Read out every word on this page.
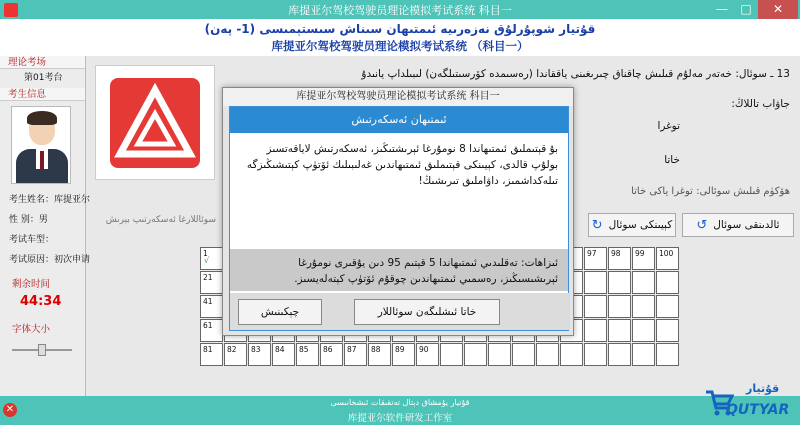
库提亚尔驾校驾驶员理论模拟考试系统 科目一	—	□	✕
قۇتيار شوپۇرلۇق نەزەرىيە ئىمتىھان سىناش سىستېمىسى (1- پەن)
库提亚尔驾校驾驶员理论模拟考试系统 （科目一）
理论考场
第01考台
考生信息
考生姓名：库提亚尔
性 别：男
考试车型：
考试原因：初次申请
剩余时间
44:34
字体大小
13 ـ سوئال: خەتەر مەلۇم قىلىش چاقناق چىرىغىنى ياققاندا (رەسىمدە كۆرسىتىلگەن) لىبىلداپ يانىدۇ
جاۋاب تاللاڭ:
توغرا
خاتا
ھۆكۈم قىلىش سوئالى: توغرا ياكى خاتا
سوئاللارغا ئەسكەرتىپ بېرىش	↻ كېيىنكى سوئال ↺ ئالدىنقى سوئال
1
√
97	98	99	100
21
41
61
81	82	83	84	85	86	87	88	89	90
库提亚尔驾校驾驶员理论模拟考试系统 科目一
ئىمتىھان ئەسكەرتىش
بۇ قېتىملىق ئىمتىھاندا 8 نومۇرغا ئېرىشتىڭىز، ئەسكەرتىش لاياقەتسىز بولۇپ قالدى، كېيىنكى قېتىملىق ئىمتىھاندىن غەلىبىلىك ئۆتۈپ كېتىشىڭىزگە تىلەكداشمىز، داۋاملىق تىرىشىڭ!
ئىزاھات: تەقلىدىي ئىمتىھاندا 5 قېتىم 95 دىن يۇقىرى نومۇرغا ئېرىشىسىڭىز، رەسمىي ئىمتىھاندىن چوقۇم ئۆتۈپ كېتەلەيسىز.
خاتا ئىشلىگەن سوئاللار
چېكىنىش
✕
قۇتيار يۇمشاق دېتال تەتقىقات ئىشخانىسى
库提亚尔软件研发工作室
قۇتيار
QUTYAR
